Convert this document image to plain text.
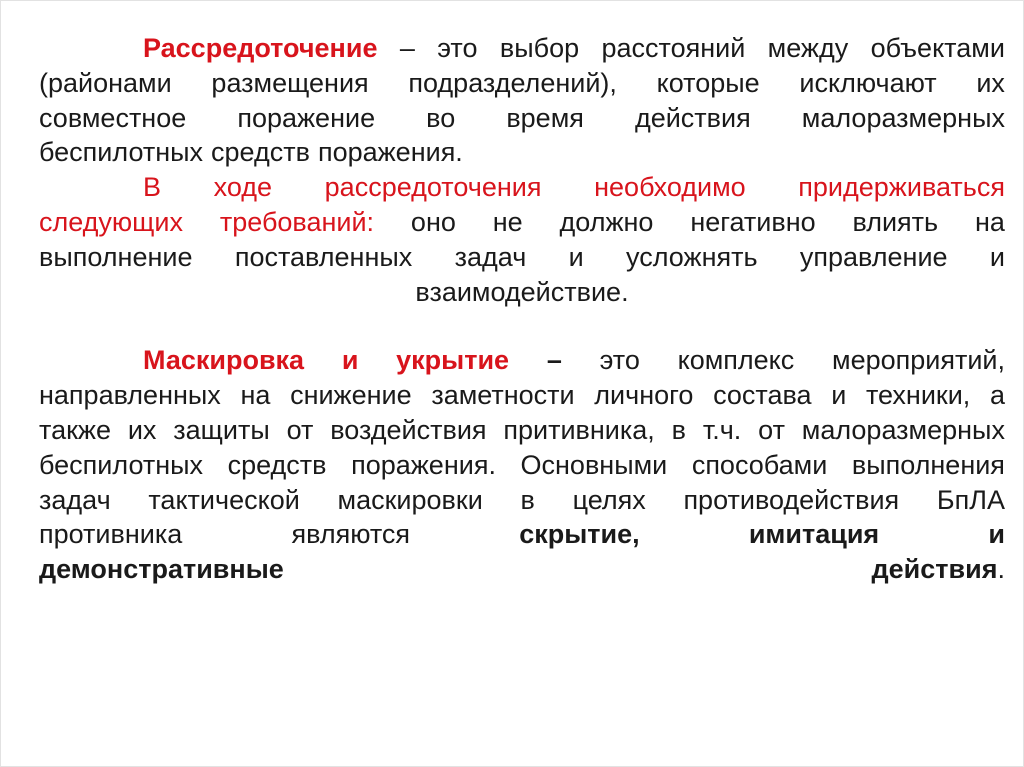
Рассредоточение – это выбор расстояний между объектами
(районами размещения подразделений), которые исключают их
совместное поражение во время действия малоразмерных
беспилотных средств поражения.
В ходе рассредоточения необходимо придерживаться
следующих требований: оно не должно негативно влиять на
выполнение поставленных задач и усложнять управление и
взаимодействие.
Маскировка и укрытие – это комплекс мероприятий,
направленных на снижение заметности личного состава и техники, а
также их защиты от воздействия притивника, в т.ч. от малоразмерных
беспилотных средств поражения. Основными способами выполнения
задач тактической маскировки в целях противодействия БпЛА
противника	являются	скрытие,	имитация	и
демонстративные	действия.
